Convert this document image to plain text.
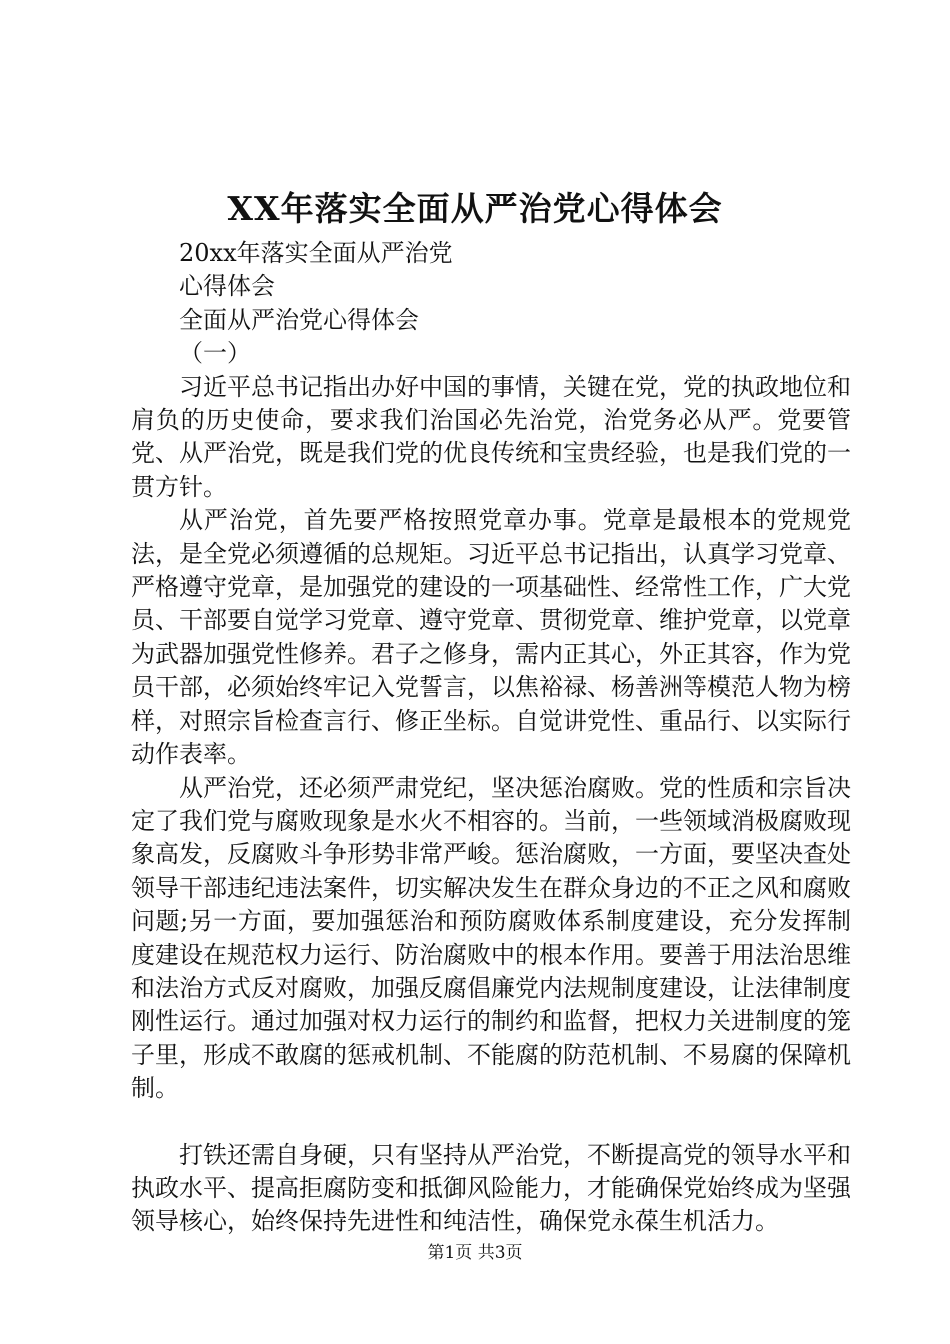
XX年落实全面从严治党心得体会

20xx年落实全面从严治党

心得体会

全面从严治党心得体会

（一）

习近平总书记指出办好中国的事情，关键在党，党的执政地位和肩负的历史使命，要求我们治国必先治党，治党务必从严。党要管党、从严治党，既是我们党的优良传统和宝贵经验，也是我们党的一贯方针。

从严治党，首先要严格按照党章办事。党章是最根本的党规党法，是全党必须遵循的总规矩。习近平总书记指出，认真学习党章、严格遵守党章，是加强党的建设的一项基础性、经常性工作，广大党员、干部要自觉学习党章、遵守党章、贯彻党章、维护党章，以党章为武器加强党性修养。君子之修身，需内正其心，外正其容，作为党员干部，必须始终牢记入党誓言，以焦裕禄、杨善洲等模范人物为榜样，对照宗旨检查言行、修正坐标。自觉讲党性、重品行、以实际行动作表率。

从严治党，还必须严肃党纪，坚决惩治腐败。党的性质和宗旨决定了我们党与腐败现象是水火不相容的。当前，一些领域消极腐败现象高发，反腐败斗争形势非常严峻。惩治腐败，一方面，要坚决查处领导干部违纪违法案件，切实解决发生在群众身边的不正之风和腐败问题;另一方面，要加强惩治和预防腐败体系制度建设，充分发挥制度建设在规范权力运行、防治腐败中的根本作用。要善于用法治思维和法治方式反对腐败，加强反腐倡廉党内法规制度建设，让法律制度刚性运行。通过加强对权力运行的制约和监督，把权力关进制度的笼子里，形成不敢腐的惩戒机制、不能腐的防范机制、不易腐的保障机制。

打铁还需自身硬，只有坚持从严治党，不断提高党的领导水平和执政水平、提高拒腐防变和抵御风险能力，才能确保党始终成为坚强领导核心，始终保持先进性和纯洁性，确保党永葆生机活力。

第1页 共3页
